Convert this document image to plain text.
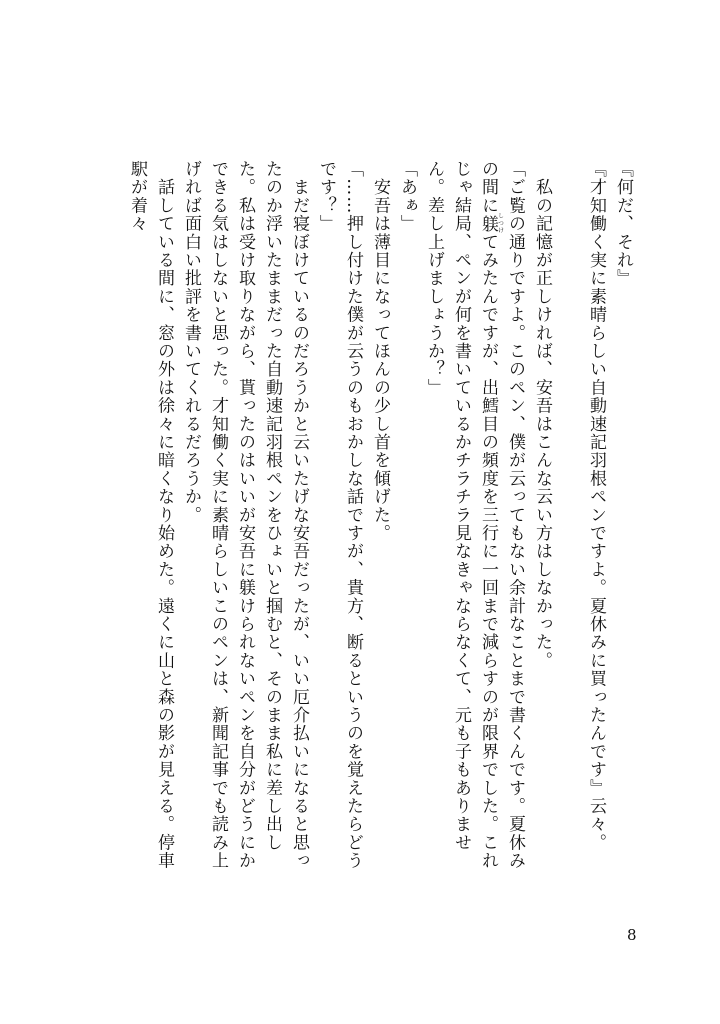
『何だ、それ』

『才知働く実に素晴らしい自動速記羽根ペンですよ。夏休みに買ったんです』云々。

　私の記憶が正しければ、安吾はこんな云い方はしなかった。

「ご覧の通りですよ。このペン、僕が云ってもない余計なことまで書くんです。夏休みの間に躾しつけてみたんですが、出鱈目の頻度を三行に一回まで減らすのが限界でした。これじゃ結局、ペンが何を書いているかチラチラ見なきゃならなくて、元も子もありません。差し上げましょうか？」

「あぁ」

　安吾は薄目になってほんの少し首を傾げた。

「……押し付けた僕が云うのもおかしな話ですが、貴方、断るというのを覚えたらどうです？」

　まだ寝ぼけているのだろうかと云いたげな安吾だったが、いい厄介払いになると思ったのか浮いたままだった自動速記羽根ペンをひょいと掴むと、そのまま私に差し出した。私は受け取りながら、貰ったのはいいが安吾に躾けられないペンを自分がどうにかできる気はしないと思った。才知働く実に素晴らしいこのペンは、新聞記事でも読み上げれば面白い批評を書いてくれるだろうか。

　話している間に、窓の外は徐々に暗くなり始めた。遠くに山と森の影が見える。停車駅が着々

8
